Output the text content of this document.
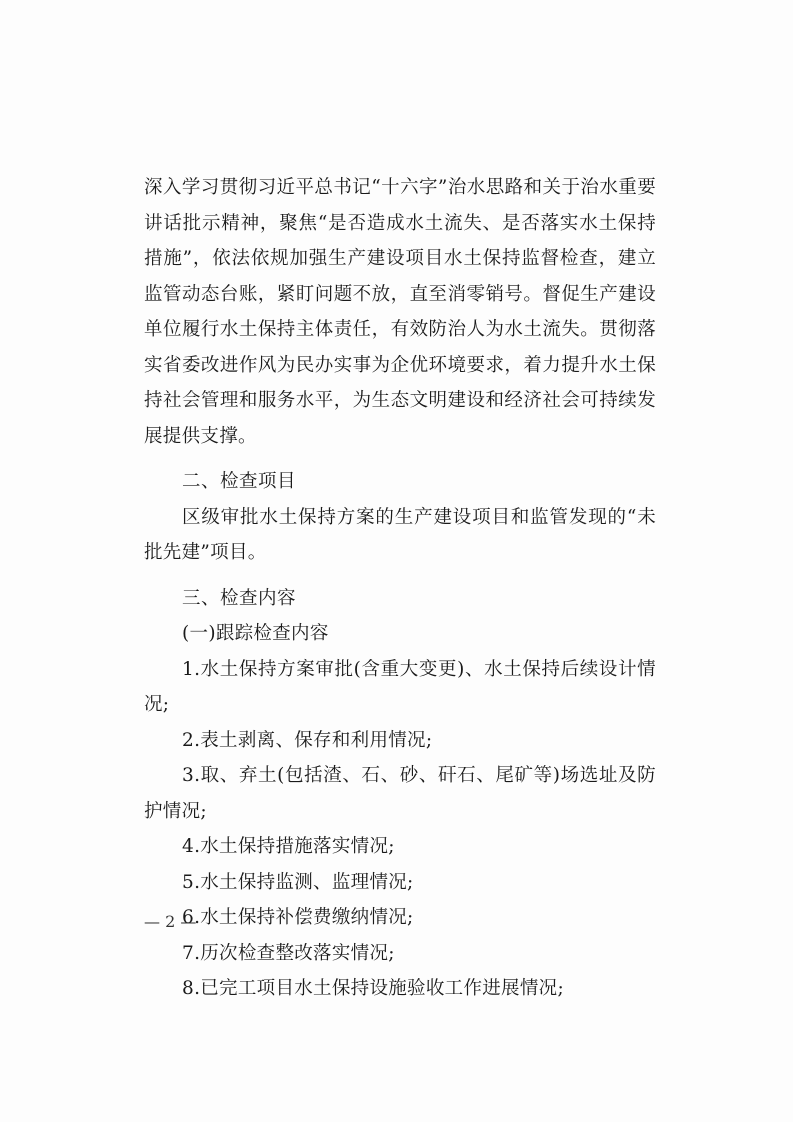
深入学习贯彻习近平总书记“十六字”治水思路和关于治水重要讲话批示精神，聚焦“是否造成水土流失、是否落实水土保持措施”，依法依规加强生产建设项目水土保持监督检查，建立监管动态台账，紧盯问题不放，直至消零销号。督促生产建设单位履行水土保持主体责任，有效防治人为水土流失。贯彻落实省委改进作风为民办实事为企优环境要求，着力提升水土保持社会管理和服务水平，为生态文明建设和经济社会可持续发展提供支撑。

二、检查项目

区级审批水土保持方案的生产建设项目和监管发现的“未批先建”项目。

三、检查内容

(一)跟踪检查内容

1.水土保持方案审批(含重大变更)、水土保持后续设计情况;

2.表土剥离、保存和利用情况;

3.取、弃土(包括渣、石、砂、矸石、尾矿等)场选址及防护情况;

4.水土保持措施落实情况;

5.水土保持监测、监理情况;

6.水土保持补偿费缴纳情况;

7.历次检查整改落实情况;

8.已完工项目水土保持设施验收工作进展情况;

— 2 —
